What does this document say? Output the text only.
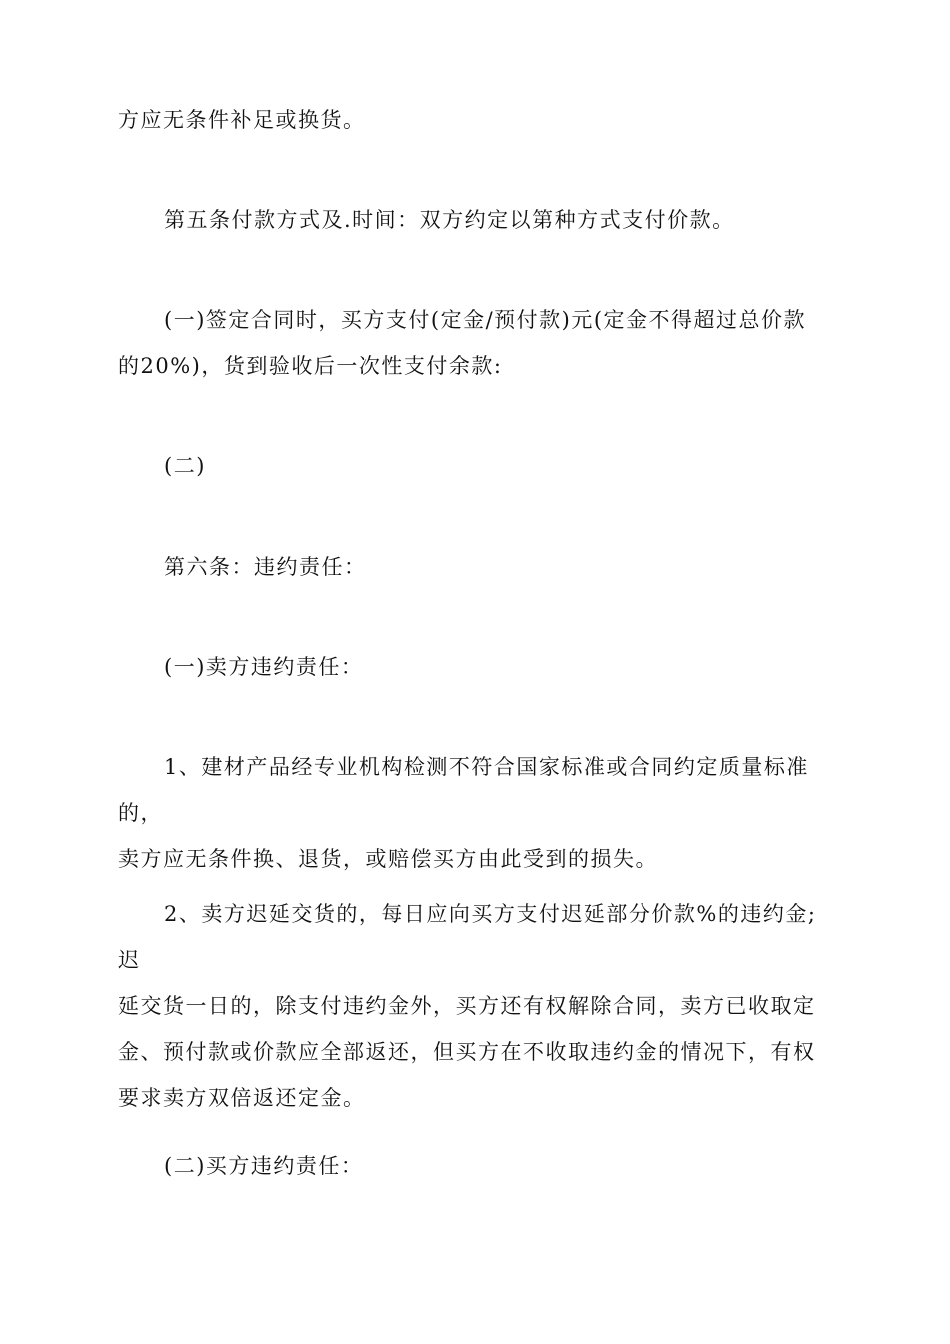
方应无条件补足或换货。

第五条付款方式及.时间：双方约定以第种方式支付价款。

(一)签定合同时，买方支付(定金/预付款)元(定金不得超过总价款
的20%)，货到验收后一次性支付余款:

(二)

第六条：违约责任：

(一)卖方违约责任：

1、建材产品经专业机构检测不符合国家标准或合同约定质量标准的，
卖方应无条件换、退货，或赔偿买方由此受到的损失。

2、卖方迟延交货的，每日应向买方支付迟延部分价款%的违约金;迟
延交货一日的，除支付违约金外，买方还有权解除合同，卖方已收取定
金、预付款或价款应全部返还，但买方在不收取违约金的情况下，有权
要求卖方双倍返还定金。

(二)买方违约责任：
